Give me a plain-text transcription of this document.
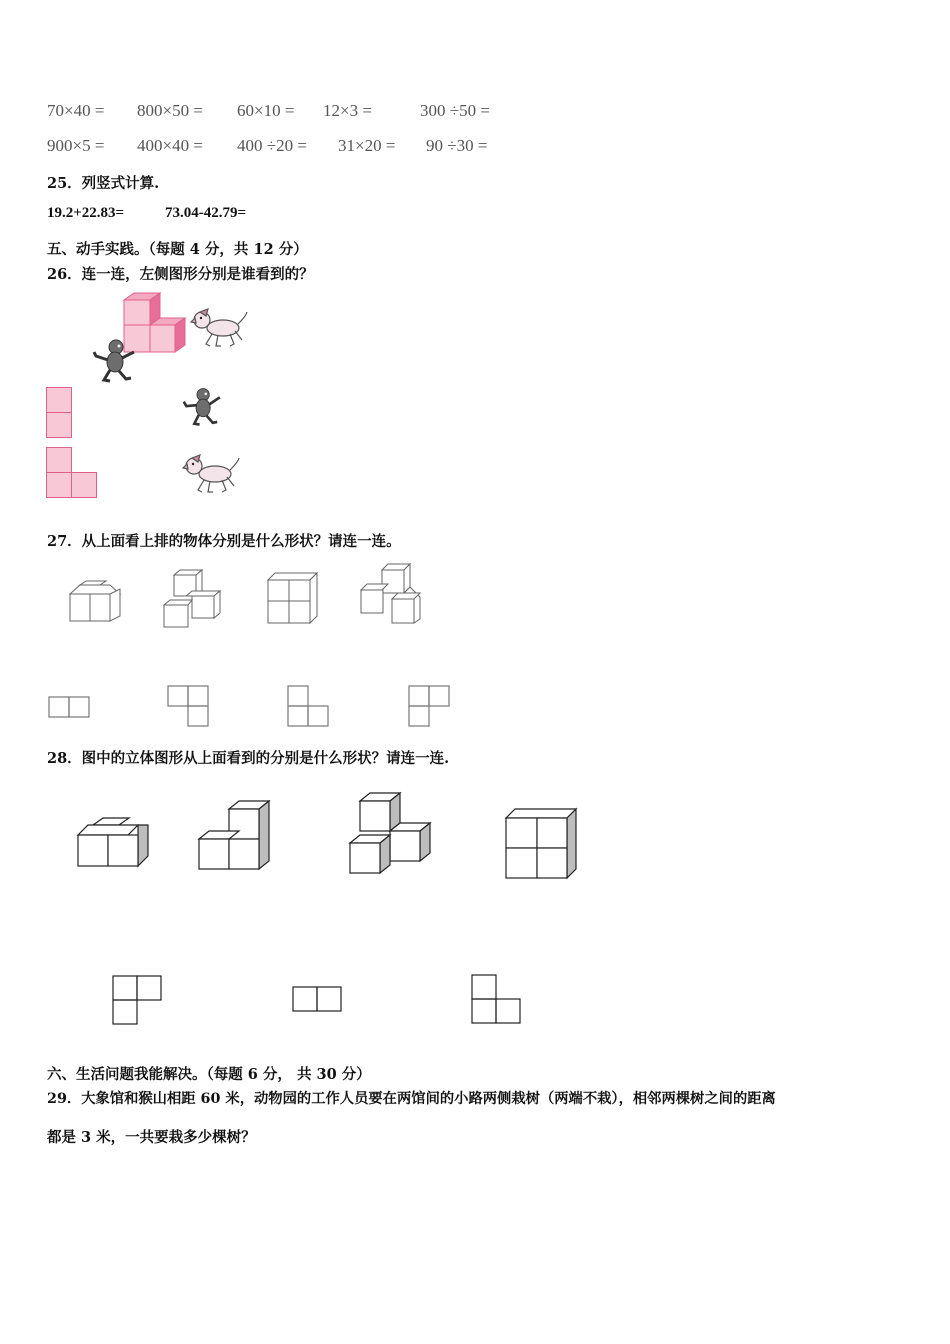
70×40 = 800×50 = 60×10 = 12×3 =	300 ÷50 =
900×5 = 400×40 = 400 ÷20 = 31×20 = 90 ÷30 =
25．列竖式计算.
19.2+22.83=	73.04-42.79=
五、动手实践。（每题 4 分，共 12 分）
26．连一连，左侧图形分别是谁看到的？
27．从上面看上排的物体分别是什么形状？请连一连。
28．图中的立体图形从上面看到的分别是什么形状？请连一连.
六、生活问题我能解决。（每题 6 分， 共 30 分）
29．大象馆和猴山相距 60 米，动物园的工作人员要在两馆间的小路两侧栽树（两端不栽），相邻两棵树之间的距离
都是 3 米，一共要栽多少棵树？
